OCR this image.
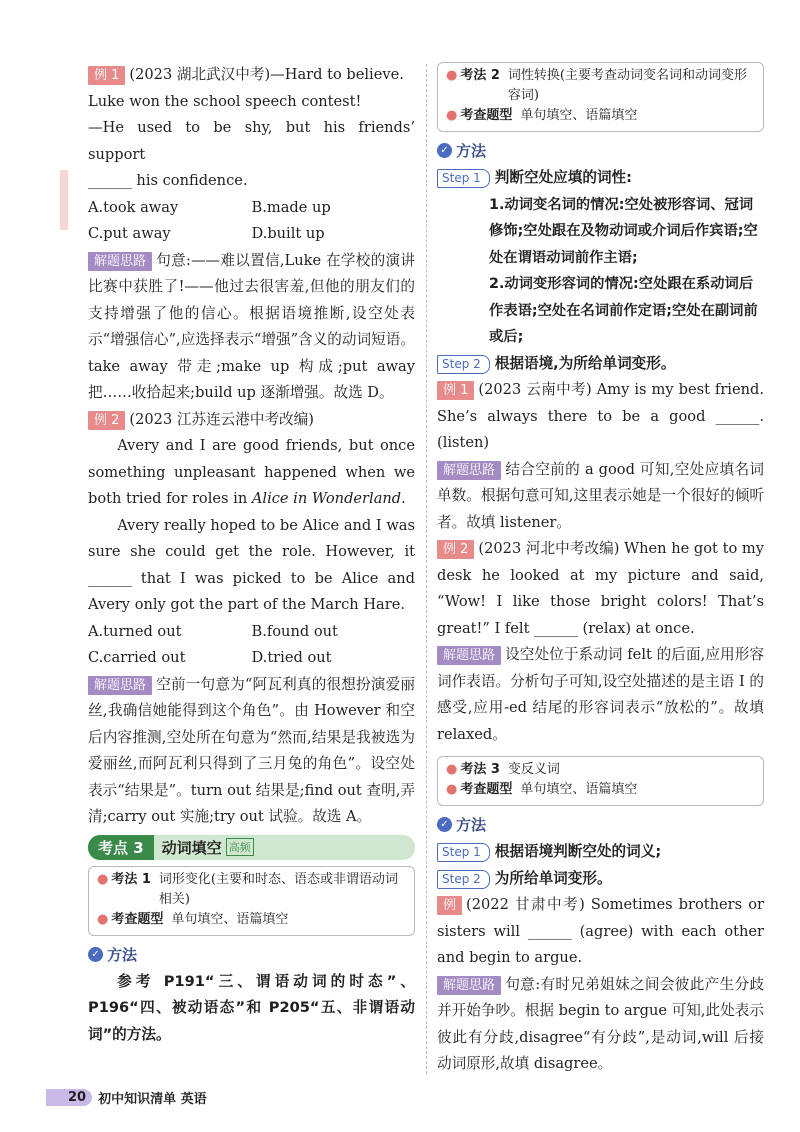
例 1 (2023 湖北武汉中考)—Hard to believe.

Luke won the school speech contest!

—He used to be shy, but his friends’ support

______ his confidence.

A.took away	B.made up
C.put away	D.built up

解题思路 句意:——难以置信,Luke 在学校的演讲比赛中获胜了!——他过去很害羞,但他的朋友们的支持增强了他的信心。根据语境推断,设空处表示“增强信心”,应选择表示“增强”含义的动词短语。take away 带走;make up 构成;put away 把……收拾起来;build up 逐渐增强。故选 D。

例 2 (2023 江苏连云港中考改编)

Avery and I are good friends, but once something unpleasant happened when we both tried for roles in Alice in Wonderland.

Avery really hoped to be Alice and I was sure she could get the role. However, it ______ that I was picked to be Alice and Avery only got the part of the March Hare.

A.turned out	B.found out
C.carried out	D.tried out

解题思路 空前一句意为“阿瓦利真的很想扮演爱丽丝,我确信她能得到这个角色”。由 However 和空后内容推测,空处所在句意为“然而,结果是我被选为爱丽丝,而阿瓦利只得到了三月兔的角色”。设空处表示“结果是”。turn out 结果是;find out 查明,弄清;carry out 实施;try out 试验。故选 A。

考点 3	动词填空 高频
● 考法 1 词形变化(主要和时态、语态或非谓语动词相关)
● 考查题型 单句填空、语篇填空
✓ 方法

参考 P191“三、谓语动词的时态”、P196“四、被动语态”和 P205“五、非谓语动词”的方法。

● 考法 2 词性转换(主要考查动词变名词和动词变形容词)
● 考查题型 单句填空、语篇填空
✓ 方法
Step 1 判断空处应填的词性:
1.动词变名词的情况:空处被形容词、冠词修饰;空处跟在及物动词或介词后作宾语;空处在谓语动词前作主语;
2.动词变形容词的情况:空处跟在系动词后作表语;空处在名词前作定语;空处在副词前或后;
Step 2 根据语境,为所给单词变形。

例 1 (2023 云南中考) Amy is my best friend. She’s always there to be a good ______.(listen)

解题思路 结合空前的 a good 可知,空处应填名词单数。根据句意可知,这里表示她是一个很好的倾听者。故填 listener。

例 2 (2023 河北中考改编) When he got to my desk he looked at my picture and said, “Wow! I like those bright colors! That’s great!” I felt ______ (relax) at once.

解题思路 设空处位于系动词 felt 的后面,应用形容词作表语。分析句子可知,设空处描述的是主语 I 的感受,应用-ed 结尾的形容词表示“放松的”。故填 relaxed。

● 考法 3 变反义词
● 考查题型 单句填空、语篇填空
✓ 方法
Step 1 根据语境判断空处的词义;
Step 2 为所给单词变形。

例 (2022 甘肃中考) Sometimes brothers or sisters will ______ (agree) with each other and begin to argue.

解题思路 句意:有时兄弟姐妹之间会彼此产生分歧并开始争吵。根据 begin to argue 可知,此处表示彼此有分歧,disagree“有分歧”,是动词,will 后接动词原形,故填 disagree。

20 初中知识清单 英语
